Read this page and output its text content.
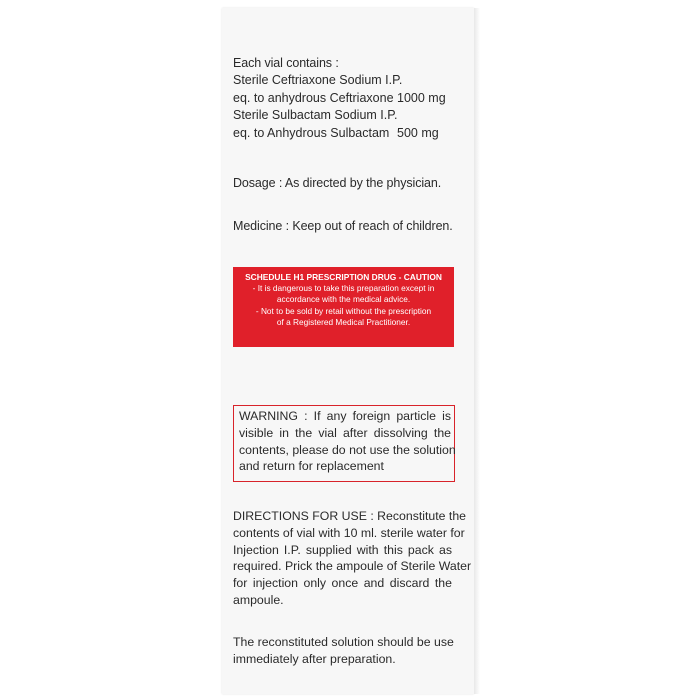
Each vial contains :
Sterile Ceftriaxone Sodium I.P.
eq. to anhydrous Ceftriaxone 1000 mg
Sterile Sulbactam Sodium I.P.
eq. to Anhydrous Sulbactam 500 mg
Dosage : As directed by the physician.
Medicine : Keep out of reach of children.
SCHEDULE H1 PRESCRIPTION DRUG - CAUTION
- It is dangerous to take this preparation except in
accordance with the medical advice.
- Not to be sold by retail without the prescription
of a Registered Medical Practitioner.
WARNING : If any foreign particle is
visible in the vial after dissolving the
contents, please do not use the solution
and return for replacement
DIRECTIONS FOR USE : Reconstitute the
contents of vial with 10 ml. sterile water for
Injection I.P. supplied with this pack as
required. Prick the ampoule of Sterile Water
for injection only once and discard the
ampoule.
The reconstituted solution should be use
immediately after preparation.
